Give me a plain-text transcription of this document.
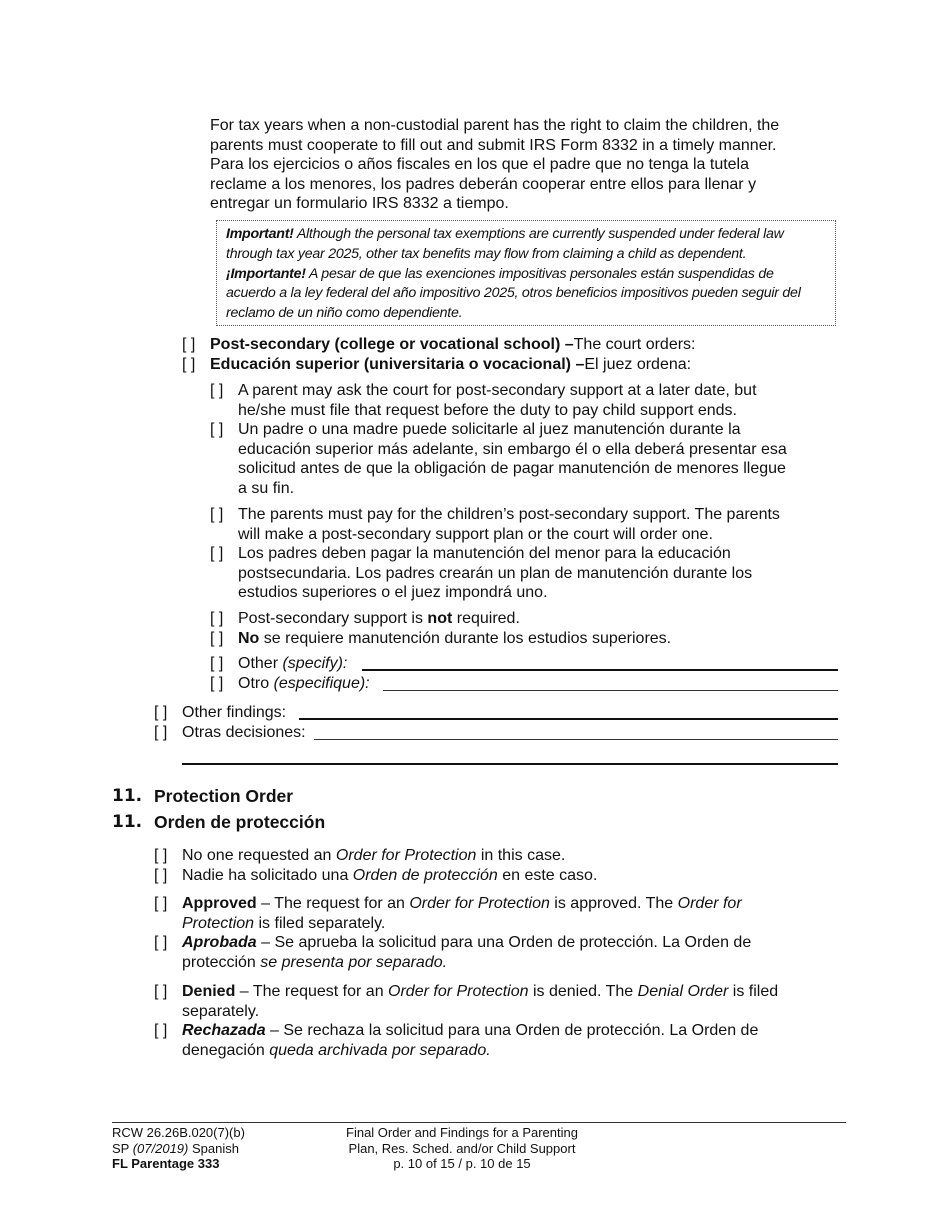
For tax years when a non-custodial parent has the right to claim the children, the
parents must cooperate to fill out and submit IRS Form 8332 in a timely manner.
Para los ejercicios o años fiscales en los que el padre que no tenga la tutela
reclame a los menores, los padres deberán cooperar entre ellos para llenar y
entregar un formulario IRS 8332 a tiempo.
Important! Although the personal tax exemptions are currently suspended under federal law
through tax year 2025, other tax benefits may flow from claiming a child as dependent.
¡Importante! A pesar de que las exenciones impositivas personales están suspendidas de
acuerdo a la ley federal del año impositivo 2025, otros beneficios impositivos pueden seguir del
reclamo de un niño como dependiente.
[ ] Post-secondary (college or vocational school) –The court orders:
[ ] Educación superior (universitaria o vocacional) –El juez ordena:
[ ] A parent may ask the court for post-secondary support at a later date, but
he/she must file that request before the duty to pay child support ends.
[ ] Un padre o una madre puede solicitarle al juez manutención durante la
educación superior más adelante, sin embargo él o ella deberá presentar esa
solicitud antes de que la obligación de pagar manutención de menores llegue
a su fin.
[ ] The parents must pay for the children’s post-secondary support. The parents
will make a post-secondary support plan or the court will order one.
[ ] Los padres deben pagar la manutención del menor para la educación
postsecundaria. Los padres crearán un plan de manutención durante los
estudios superiores o el juez impondrá uno.
[ ] Post-secondary support is not required.
[ ] No se requiere manutención durante los estudios superiores.
[ ] Other (specify):
[ ] Otro (especifique):
[ ] Other findings:
[ ] Otras decisiones:
11. Protection Order
11. Orden de protección
[ ] No one requested an Order for Protection in this case.
[ ] Nadie ha solicitado una Orden de protección en este caso.
[ ] Approved – The request for an Order for Protection is approved. The Order for
Protection is filed separately.
[ ] Aprobada – Se aprueba la solicitud para una Orden de protección. La Orden de
protección se presenta por separado.
[ ] Denied – The request for an Order for Protection is denied. The Denial Order is filed
separately.
[ ] Rechazada – Se rechaza la solicitud para una Orden de protección. La Orden de
denegación queda archivada por separado.
RCW 26.26B.020(7)(b)
SP (07/2019) Spanish
FL Parentage 333
Final Order and Findings for a Parenting
Plan, Res. Sched. and/or Child Support
p. 10 of 15 / p. 10 de 15
